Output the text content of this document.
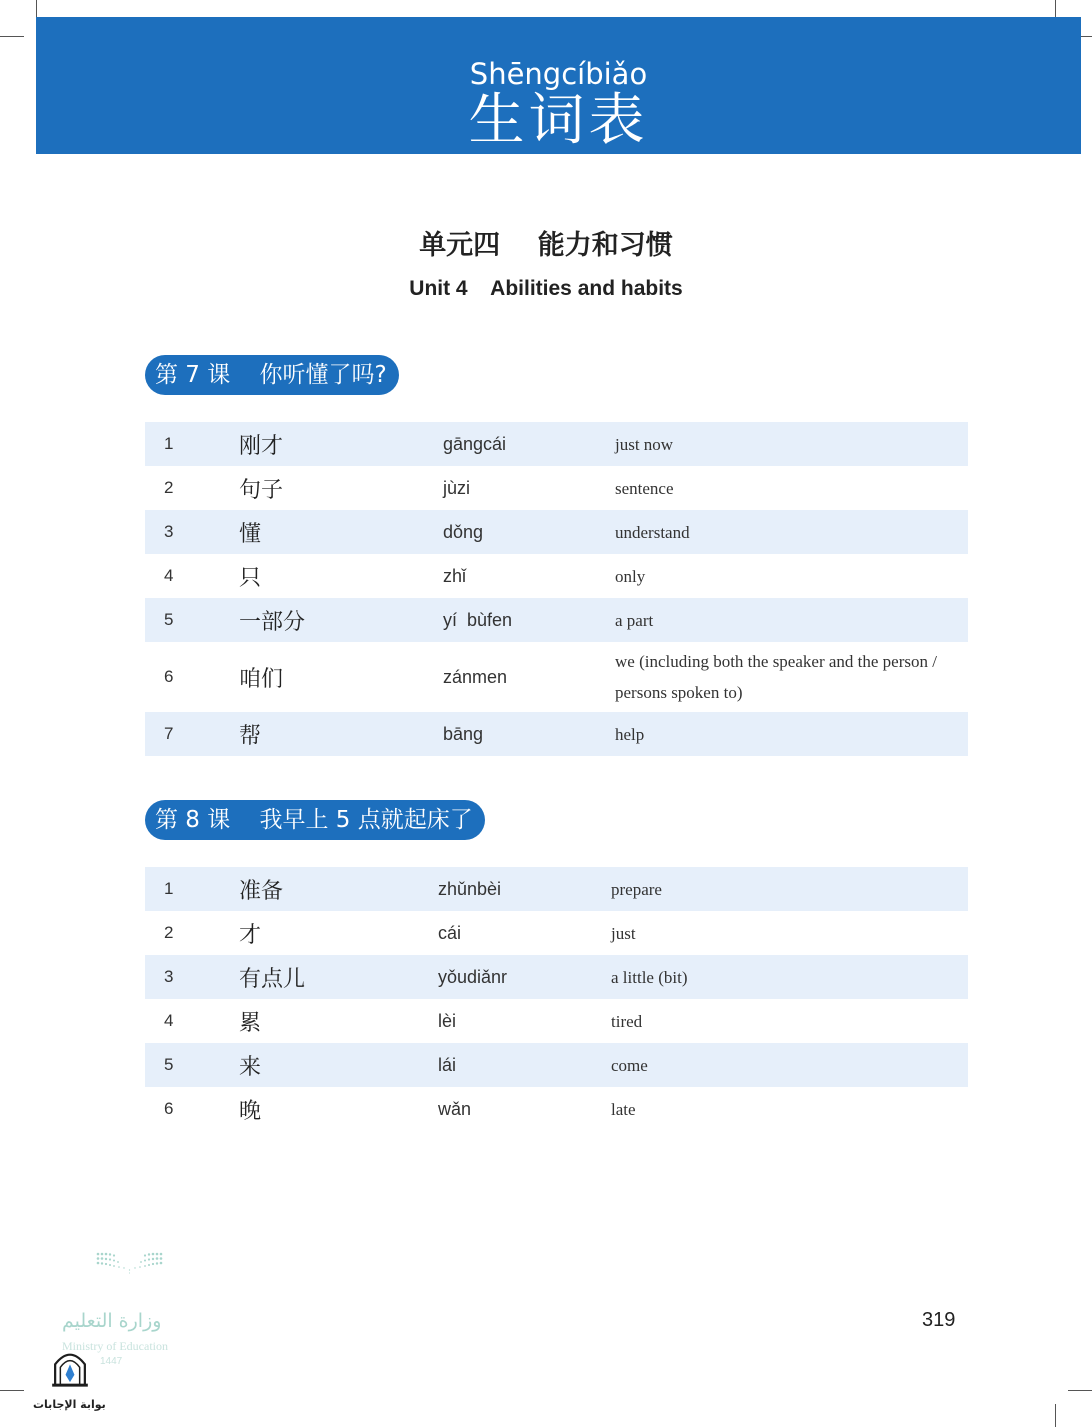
Shēngcíbiǎo
生词表
单元四    能力和习惯
Unit 4    Abilities and habits
第 7 课    你听懂了吗?
1	刚才	gāngcái	just now
2	句子	jùzi	sentence
3	懂	dǒng	understand
4	只	zhǐ	only
5	一部分	yí  bùfen	a part
6	咱们	zánmen
we (including both the speaker and the person / persons spoken to)
7	帮	bāng	help
第 8 课    我早上 5 点就起床了
1	准备	zhǔnbèi	prepare
2	才	cái	just
3	有点儿	yǒudiǎnr	a little (bit)
4	累	lèi	tired
5	来	lái	come
6	晚	wǎn	late
وزارة التعليم
Ministry of Education
1447
بوابة الإجابات
319
